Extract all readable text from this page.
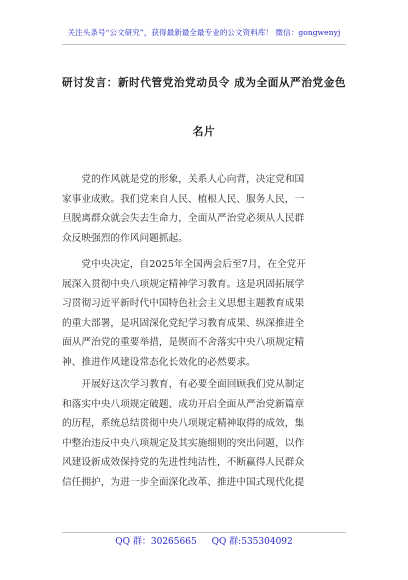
关注头条号“公文研究”，获得最新最全最专业的公文资料库！ 微信：gongwenyj
研讨发言：新时代管党治党动员令 成为全面从严治党金色
名片

党的作风就是党的形象，关系人心向背，决定党和国
家事业成败。我们党来自人民、植根人民、服务人民，一
旦脱离群众就会失去生命力，全面从严治党必须从人民群
众反映强烈的作风问题抓起。

党中央决定，自2025年全国两会后至7月，在全党开
展深入贯彻中央八项规定精神学习教育。这是巩固拓展学
习贯彻习近平新时代中国特色社会主义思想主题教育成果
的重大部署，是巩固深化党纪学习教育成果、纵深推进全
面从严治党的重要举措，是锲而不舍落实中央八项规定精
神、推进作风建设常态化长效化的必然要求。

开展好这次学习教育，有必要全面回顾我们党从制定
和落实中央八项规定破题、成功开启全面从严治党新篇章
的历程，系统总结贯彻中央八项规定精神取得的成效，集
中整治违反中央八项规定及其实施细则的突出问题，以作
风建设新成效保持党的先进性纯洁性，不断赢得人民群众
信任拥护，为进一步全面深化改革、推进中国式现代化提

QQ 群：30265665 QQ 群:535304092
